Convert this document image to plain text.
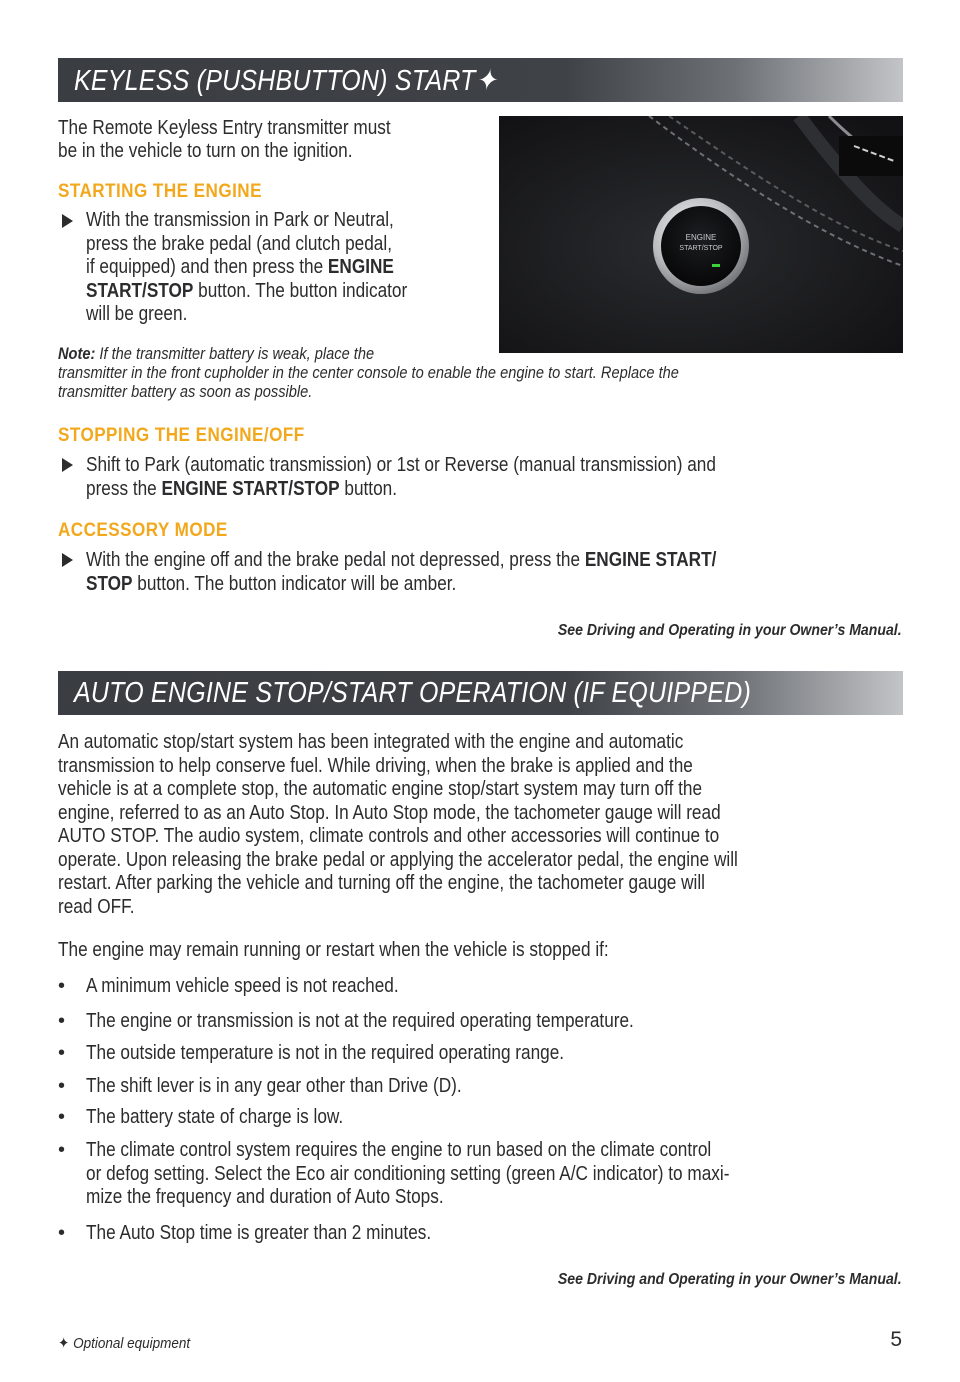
KEYLESS (PUSHBUTTON) START✦
The Remote Keyless Entry transmitter must
be in the vehicle to turn on the ignition.
STARTING THE ENGINE
With the transmission in Park or Neutral,
press the brake pedal (and clutch pedal,
if equipped) and then press the ENGINE
START/STOP button. The button indicator
will be green.
Note: If the transmitter battery is weak, place the
transmitter in the front cupholder in the center console to enable the engine to start. Replace the
transmitter battery as soon as possible.
ENGINE
START/STOP
STOPPING THE ENGINE/OFF
Shift to Park (automatic transmission) or 1st or Reverse (manual transmission) and
press the ENGINE START/STOP button.
ACCESSORY MODE
With the engine off and the brake pedal not depressed, press the ENGINE START/
STOP button. The button indicator will be amber.
See Driving and Operating in your Owner’s Manual.
AUTO ENGINE STOP/START OPERATION (IF EQUIPPED)
An automatic stop/start system has been integrated with the engine and automatic
transmission to help conserve fuel. While driving, when the brake is applied and the
vehicle is at a complete stop, the automatic engine stop/start system may turn off the
engine, referred to as an Auto Stop. In Auto Stop mode, the tachometer gauge will read
AUTO STOP. The audio system, climate controls and other accessories will continue to
operate. Upon releasing the brake pedal or applying the accelerator pedal, the engine will
restart. After parking the vehicle and turning off the engine, the tachometer gauge will
read OFF.
The engine may remain running or restart when the vehicle is stopped if:
• A minimum vehicle speed is not reached.
• The engine or transmission is not at the required operating temperature.
• The outside temperature is not in the required operating range.
• The shift lever is in any gear other than Drive (D).
• The battery state of charge is low.
• The climate control system requires the engine to run based on the climate control
or defog setting. Select the Eco air conditioning setting (green A/C indicator) to maxi-
mize the frequency and duration of Auto Stops.
• The Auto Stop time is greater than 2 minutes.
See Driving and Operating in your Owner’s Manual.
✦ Optional equipment	5
